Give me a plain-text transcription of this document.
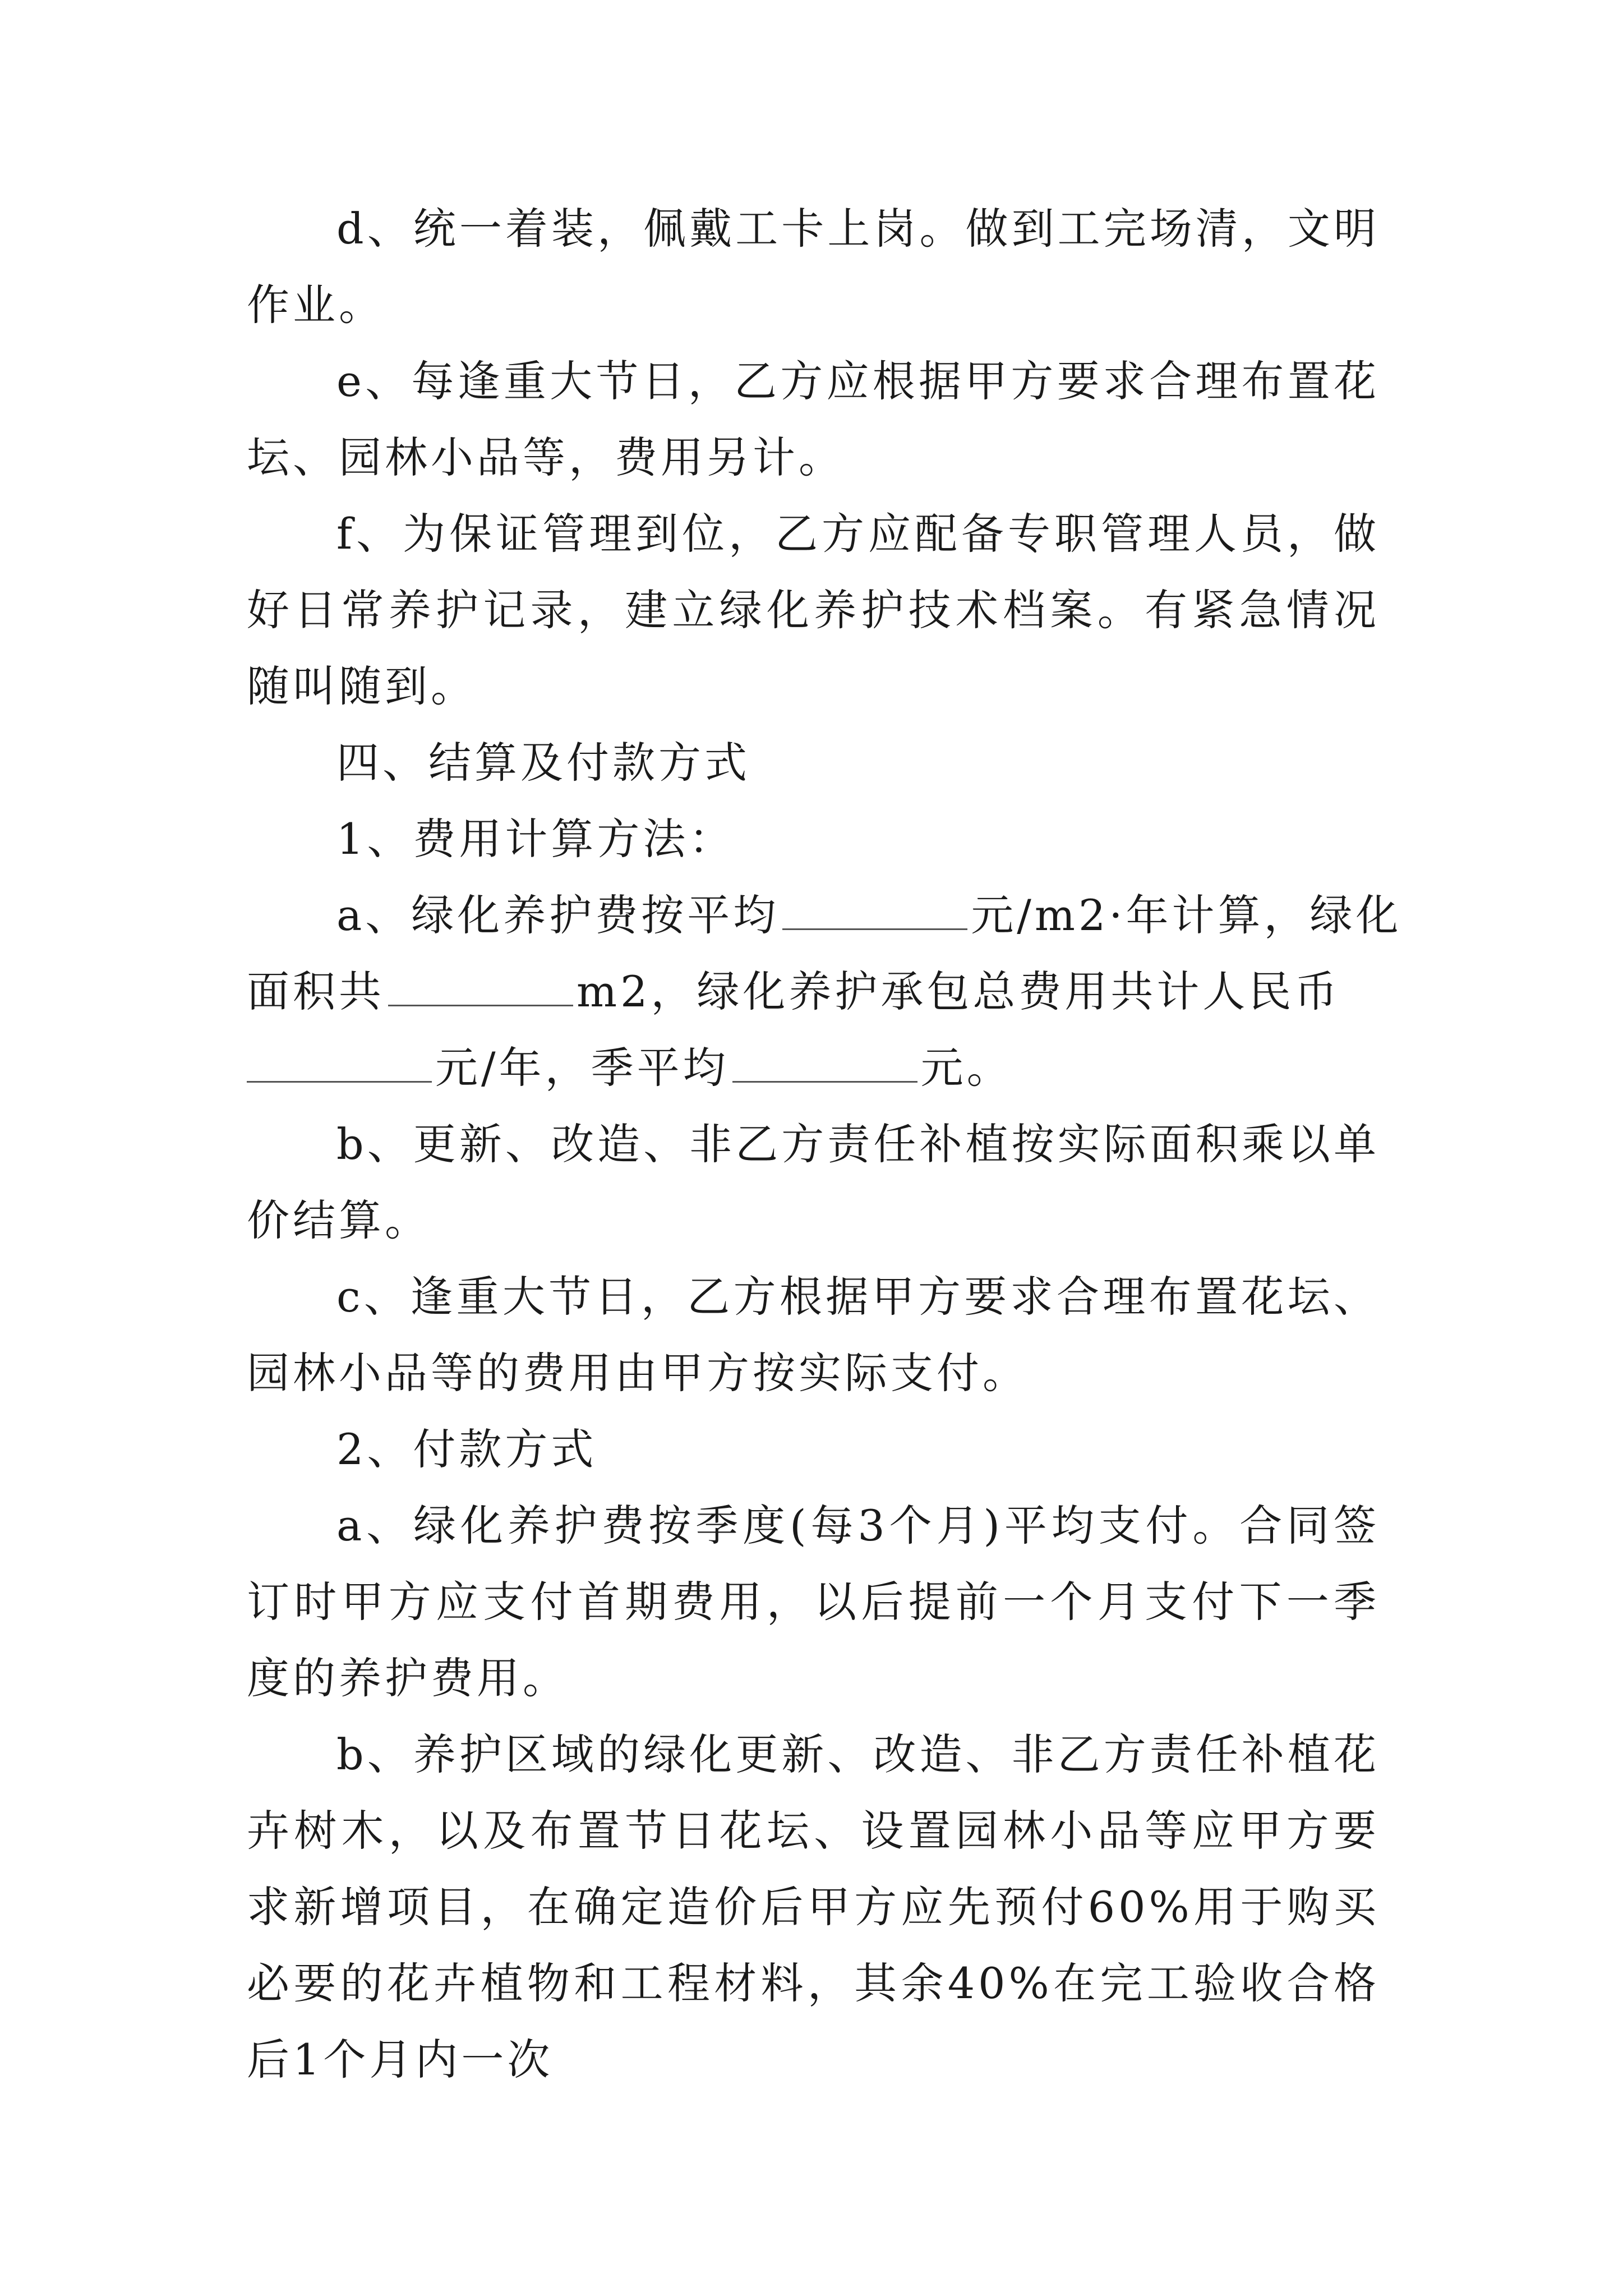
d、统一着装，佩戴工卡上岗。做到工完场清，文明作业。
e、每逢重大节日，乙方应根据甲方要求合理布置花坛、园林小品等，费用另计。
f、为保证管理到位，乙方应配备专职管理人员，做好日常养护记录，建立绿化养护技术档案。有紧急情况随叫随到。
四、结算及付款方式
1、费用计算方法：
a、绿化养护费按平均	元/m2·年计算，绿化
面积共	m2，绿化养护承包总费用共计人民币
元/年，季平均	元。
b、更新、改造、非乙方责任补植按实际面积乘以单价结算。
c、逢重大节日，乙方根据甲方要求合理布置花坛、园林小品等的费用由甲方按实际支付。
2、付款方式
a、绿化养护费按季度(每3个月)平均支付。合同签订时甲方应支付首期费用，以后提前一个月支付下一季度的养护费用。
b、养护区域的绿化更新、改造、非乙方责任补植花卉树木，以及布置节日花坛、设置园林小品等应甲方要求新增项目，在确定造价后甲方应先预付60%用于购买必要的花卉植物和工程材料，其余40%在完工验收合格后1个月内一次
